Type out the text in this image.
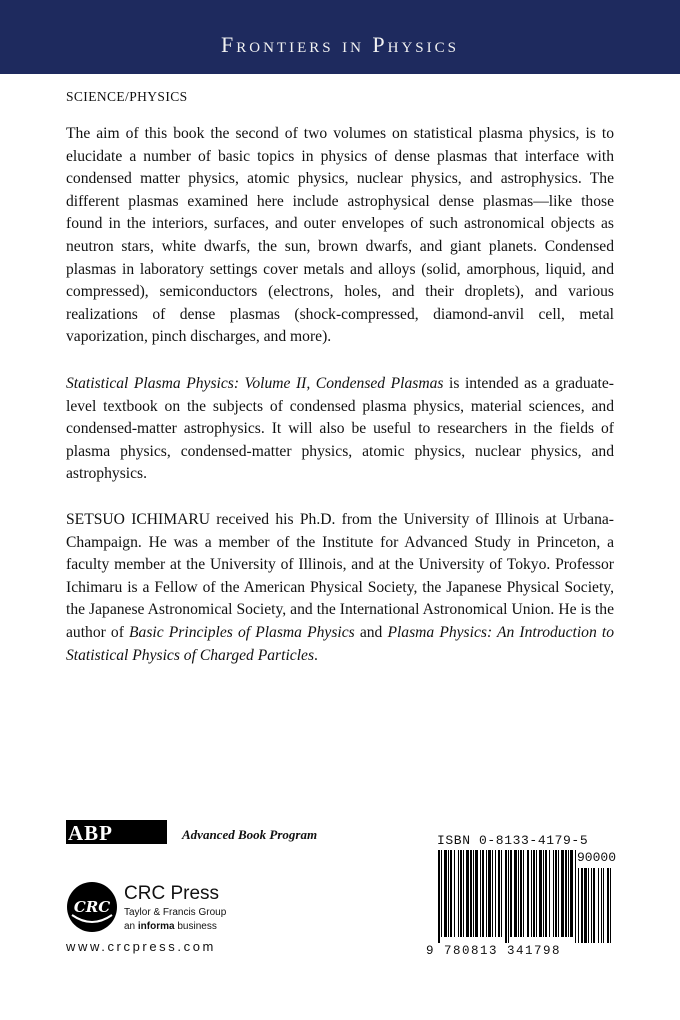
Frontiers in Physics
SCIENCE/PHYSICS

The aim of this book the second of two volumes on statistical plasma physics, is to elucidate a number of basic topics in physics of dense plasmas that interface with condensed matter physics, atomic physics, nuclear physics, and astrophysics. The different plasmas examined here include astrophysical dense plasmas—like those found in the interiors, surfaces, and outer envelopes of such astronomical objects as neutron stars, white dwarfs, the sun, brown dwarfs, and giant planets. Condensed plasmas in laboratory settings cover metals and alloys (solid, amorphous, liquid, and compressed), semiconductors (electrons, holes, and their droplets), and various realizations of dense plasmas (shock-compressed, diamond-anvil cell, metal vaporization, pinch discharges, and more).

Statistical Plasma Physics: Volume II, Condensed Plasmas is intended as a graduate-level textbook on the subjects of condensed plasma physics, material sciences, and condensed-matter astrophysics. It will also be useful to researchers in the fields of plasma physics, condensed-matter physics, atomic physics, nuclear physics, and astrophysics.

SETSUO ICHIMARU received his Ph.D. from the University of Illinois at Urbana-Champaign. He was a member of the Institute for Advanced Study in Princeton, a faculty member at the University of Illinois, and at the University of Tokyo. Professor Ichimaru is a Fellow of the American Physical Society, the Japanese Physical Society, the Japanese Astronomical Society, and the International Astronomical Union. He is the author of Basic Principles of Plasma Physics and Plasma Physics: An Introduction to Statistical Physics of Charged Particles.

ABP	Advanced Book Program
CRC
CRC Press
Taylor & Francis Group
an informa business
www.crcpress.com
ISBN 0-8133-4179-5
90000
9 780813 341798
